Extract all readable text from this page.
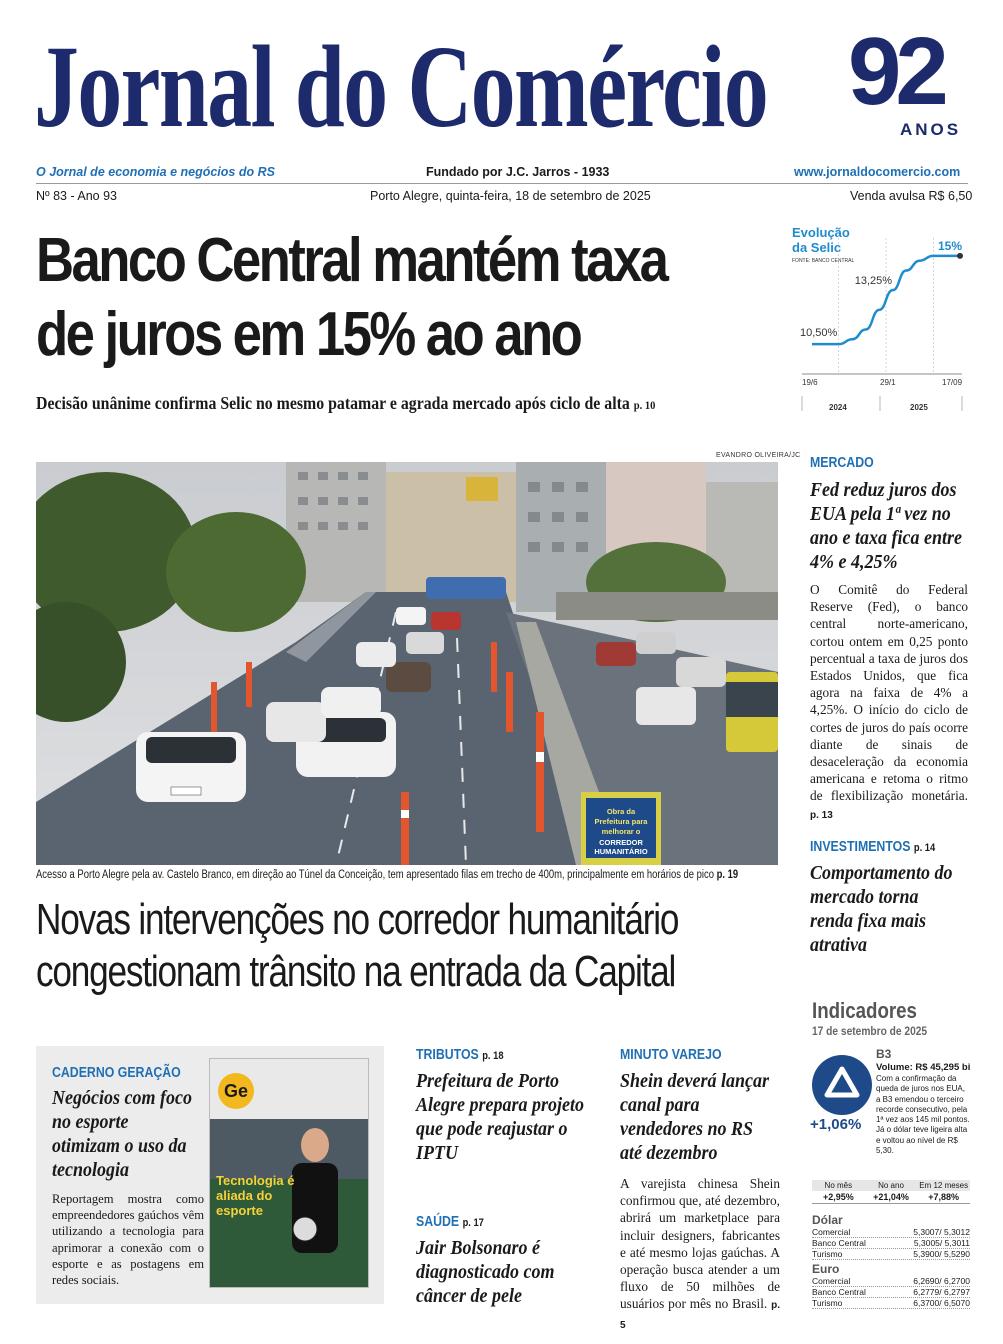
Jornal do Comércio 92
ANOS
O Jornal de economia e negócios do RS	Fundado por J.C. Jarros - 1933	www.jornaldocomercio.com
Nº 83 - Ano 93	Porto Alegre, quinta-feira, 18 de setembro de 2025	Venda avulsa R$ 6,50
Banco Central mantém taxa
de juros em 15% ao ano
Decisão unânime confirma Selic no mesmo patamar e agrada mercado após ciclo de alta p. 10
Evolução
da Selic
FONTE: BANCO CENTRAL
10,50%
13,25%
15%
19/6	29/1	17/09
2024	2025
EVANDRO OLIVEIRA/JC
Obra da
Prefeitura para
melhorar o
CORREDOR
HUMANITÁRIO
Acesso a Porto Alegre pela av. Castelo Branco, em direção ao Túnel da Conceição, tem apresentado filas em trecho de 400m, principalmente em horários de pico p. 19
Novas intervenções no corredor humanitário
congestionam trânsito na entrada da Capital
MERCADO
Fed reduz juros dos EUA pela 1ª vez no ano e taxa fica entre 4% e 4,25%
O Comitê do Federal Reserve (Fed), o banco central norte-americano, cortou ontem em 0,25 ponto percentual a taxa de juros dos Estados Unidos, que fica agora na faixa de 4% a 4,25%. O início do ciclo de cortes de juros do país ocorre diante de sinais de desaceleração da economia americana e retoma o ritmo de flexibilização monetária. p. 13
INVESTIMENTOS p. 14
Comportamento do mercado torna renda fixa mais atrativa
Indicadores
17 de setembro de 2025
B3
Volume: R$ 45,295 bi
Com a confirmação da queda de juros nos EUA, a B3 emendou o terceiro recorde consecutivo, pela 1ª vez aos 145 mil pontos. Já o dólar teve ligeira alta e voltou ao nível de R$ 5,30.
+1,06%
No mês	No ano	Em 12 meses
+2,95%	+21,04%	+7,88%
Dólar
Comercial	5,3007/ 5,3012
Banco Central	5,3005/ 5,3011
Turismo	5,3900/ 5,5290
Euro
Comercial	6,2690/ 6,2700
Banco Central	6,2779/ 6,2797
Turismo	6,3700/ 6,5070
CADERNO GERAÇÃO
Negócios com foco no esporte otimizam o uso da tecnologia
Reportagem mostra como empreendedores gaúchos vêm utilizando a tecnologia para aprimorar a conexão com o esporte e as postagens em redes sociais.
Ge
Tecnologia é aliada do esporte
TRIBUTOS p. 18
Prefeitura de Porto Alegre prepara projeto que pode reajustar o IPTU
SAÚDE p. 17
Jair Bolsonaro é diagnosticado com câncer de pele
MINUTO VAREJO
Shein deverá lançar canal para vendedores no RS até dezembro
A varejista chinesa Shein confirmou que, até dezembro, abrirá um marketplace para incluir designers, fabricantes e até mesmo lojas gaúchas. A operação busca atender a um fluxo de 50 milhões de usuários por mês no Brasil. p. 5
